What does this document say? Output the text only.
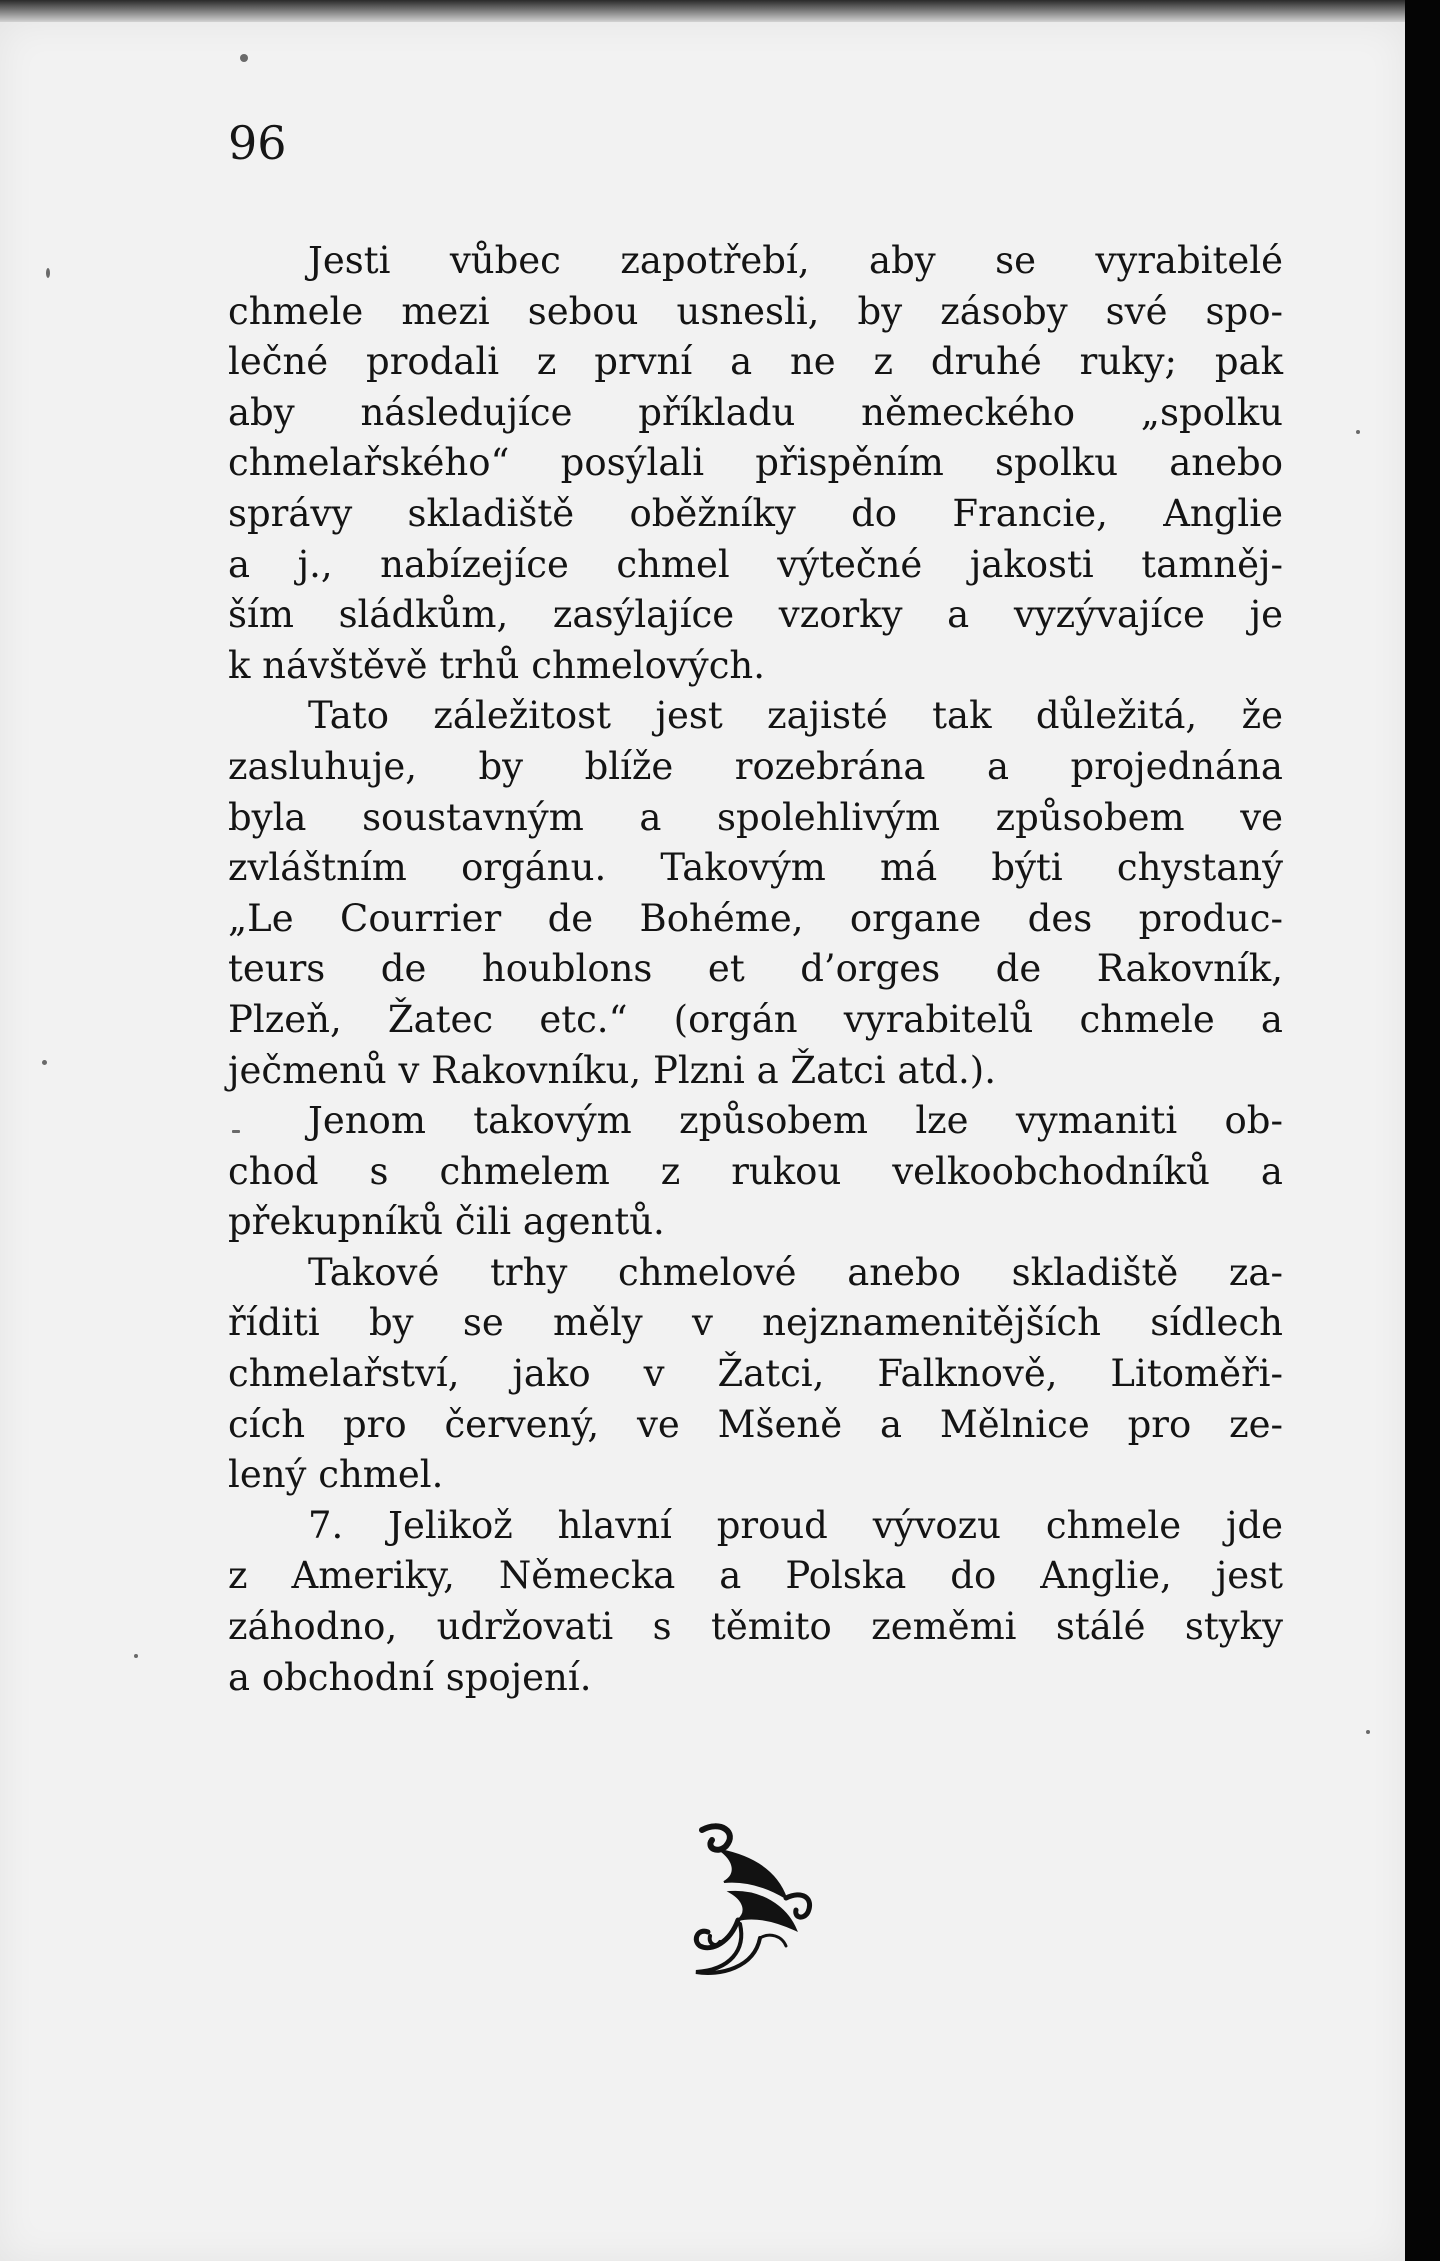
96
Jesti vůbec zapotřebí, aby se vyrabitelé
chmele mezi sebou usnesli, by zásoby své spo-
lečné prodali z první a ne z druhé ruky; pak
aby následujíce příkladu německého „spolku
chmelařského“ posýlali přispěním spolku anebo
správy skladiště oběžníky do Francie, Anglie
a j., nabízejíce chmel výtečné jakosti tamněj-
ším sládkům, zasýlajíce vzorky a vyzývajíce je
k návštěvě trhů chmelových.
Tato záležitost jest zajisté tak důležitá, že
zasluhuje, by blíže rozebrána a projednána
byla soustavným a spolehlivým způsobem ve
zvláštním orgánu. Takovým má býti chystaný
„Le Courrier de Bohéme, organe des produc-
teurs de houblons et d’orges de Rakovník,
Plzeň, Žatec etc.“ (orgán vyrabitelů chmele a
ječmenů v Rakovníku, Plzni a Žatci atd.).
Jenom takovým způsobem lze vymaniti ob-
chod s chmelem z rukou velkoobchodníků a
překupníků čili agentů.
Takové trhy chmelové anebo skladiště za-
říditi by se měly v nejznamenitějších sídlech
chmelařství, jako v Žatci, Falknově, Litoměři-
cích pro červený, ve Mšeně a Mělnice pro ze-
lený chmel.
7. Jelikož hlavní proud vývozu chmele jde
z Ameriky, Německa a Polska do Anglie, jest
záhodno, udržovati s těmito zeměmi stálé styky
a obchodní spojení.
